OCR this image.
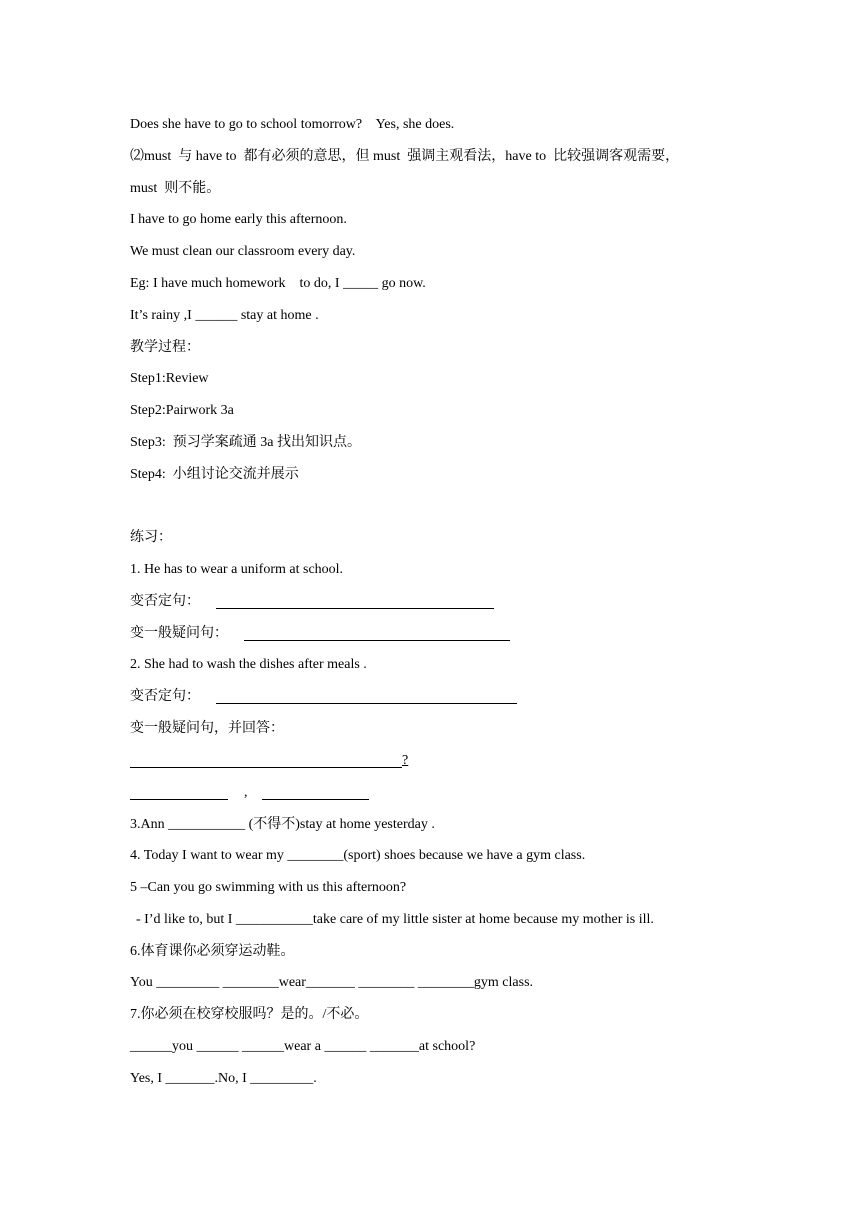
Does she have to go to school tomorrow?    Yes, she does.
⑵must  与 have to  都有必须的意思，但 must  强调主观看法，have to  比较强调客观需要，
must  则不能。
I have to go home early this afternoon.
We must clean our classroom every day.
Eg: I have much homework    to do, I _____ go now.
It’s rainy ,I ______ stay at home .
教学过程：
Step1:Review
Step2:Pairwork 3a
Step3:  预习学案疏通 3a 找出知识点。
Step4:  小组讨论交流并展示
练习：
1. He has to wear a uniform at school.
变否定句：
变一般疑问句：
2. She had to wash the dishes after meals .
变否定句：
变一般疑问句，并回答：
?
,
3.Ann ___________ (不得不)stay at home yesterday .
4. Today I want to wear my ________(sport) shoes because we have a gym class.
5 –Can you go swimming with us this afternoon?
- I’d like to, but I ___________take care of my little sister at home because my mother is ill.
6.体育课你必须穿运动鞋。
You _________ ________wear_______ ________ ________gym class.
7.你必须在校穿校服吗？是的。/不必。
______you ______ ______wear a ______ _______at school?
Yes, I _______.No, I _________.
